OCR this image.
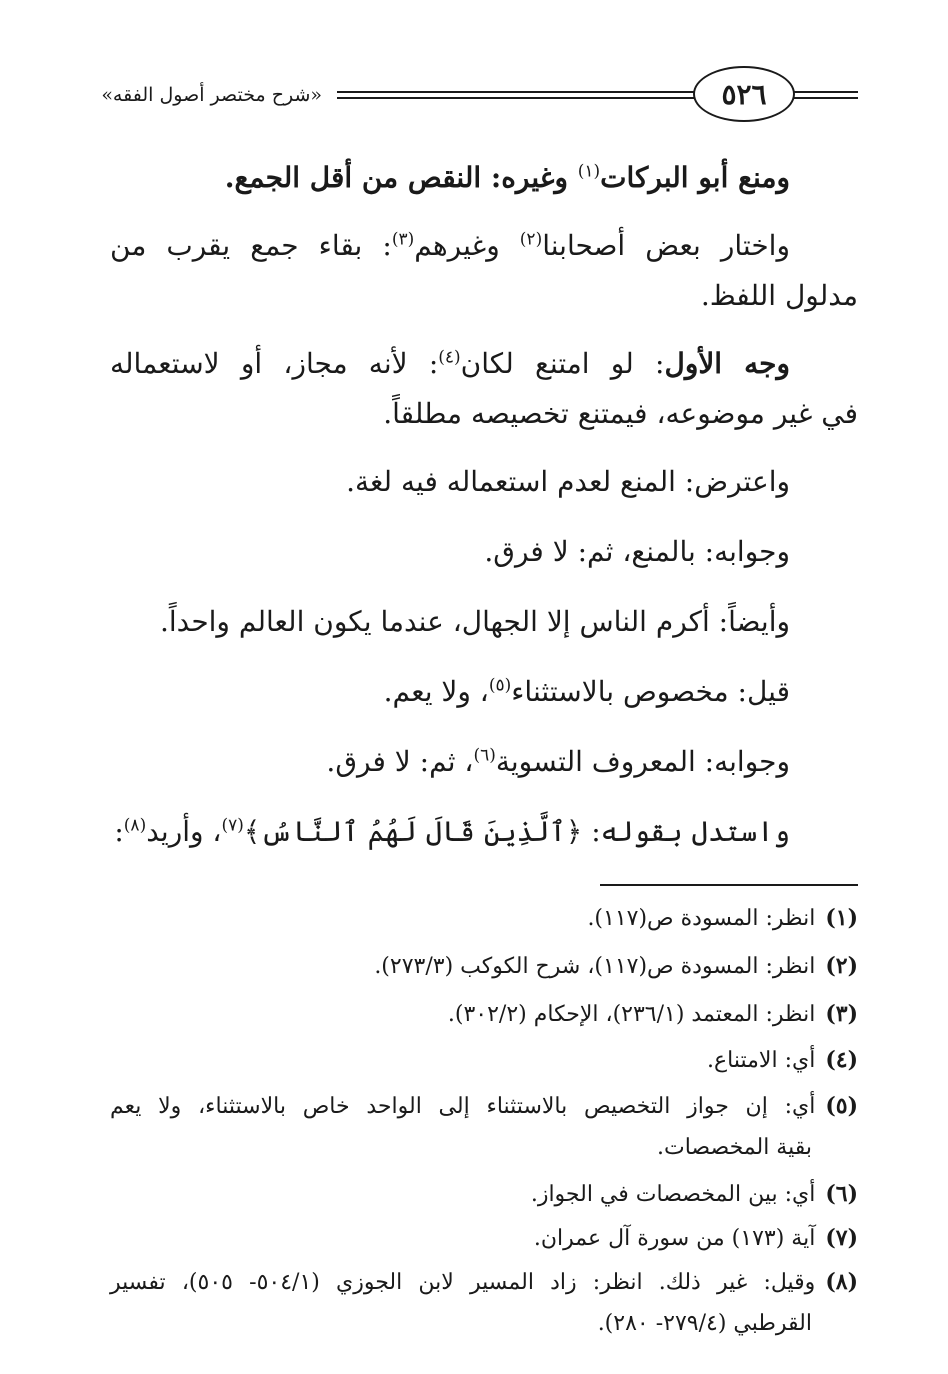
«شرح مختصر أصول الفقه»	٥٢٦
ومنع أبو البركات$^{(١)}$ وغيره: النقص من أقل الجمع.
واختار بعض أصحابنا$^{(٢)}$ وغيرهم$^{(٣)}$: بقاء جمع يقرب من
مدلول اللفظ.
وجه الأول: لو امتنع لكان$^{(٤)}$: لأنه مجاز، أو لاستعماله
في غير موضوعه، فيمتنع تخصيصه مطلقاً.
واعترض: المنع لعدم استعماله فيه لغة.
وجوابه: بالمنع، ثم: لا فرق.
وأيضاً: أكرم الناس إلا الجهال، عندما يكون العالم واحداً.
قيل: مخصوص بالاستثناء$^{(٥)}$، ولا يعم.
وجوابه: المعروف التسوية$^{(٦)}$، ثم: لا فرق.
واستدل بقوله: ﴿ٱلَّذِينَ قَالَ لَهُمُ ٱلنَّاسُ﴾$^{(٧)}$، وأريد$^{(٨)}$:
(١)انظر: المسودة ص(١١٧).
(٢)انظر: المسودة ص(١١٧)، شرح الكوكب (٢٧٣/٣).
(٣)انظر: المعتمد (٢٣٦/١)، الإحكام (٣٠٢/٢).
(٤)أي: الامتناع.
(٥)أي: إن جواز التخصيص بالاستثناء إلى الواحد خاص بالاستثناء، ولا يعم
بقية المخصصات.
(٦)أي: بين المخصصات في الجواز.
(٧)آية (١٧٣) من سورة آل عمران.
(٨)وقيل: غير ذلك. انظر: زاد المسير لابن الجوزي (٥٠٤/١- ٥٠٥)، تفسير
القرطبي (٢٧٩/٤- ٢٨٠).
